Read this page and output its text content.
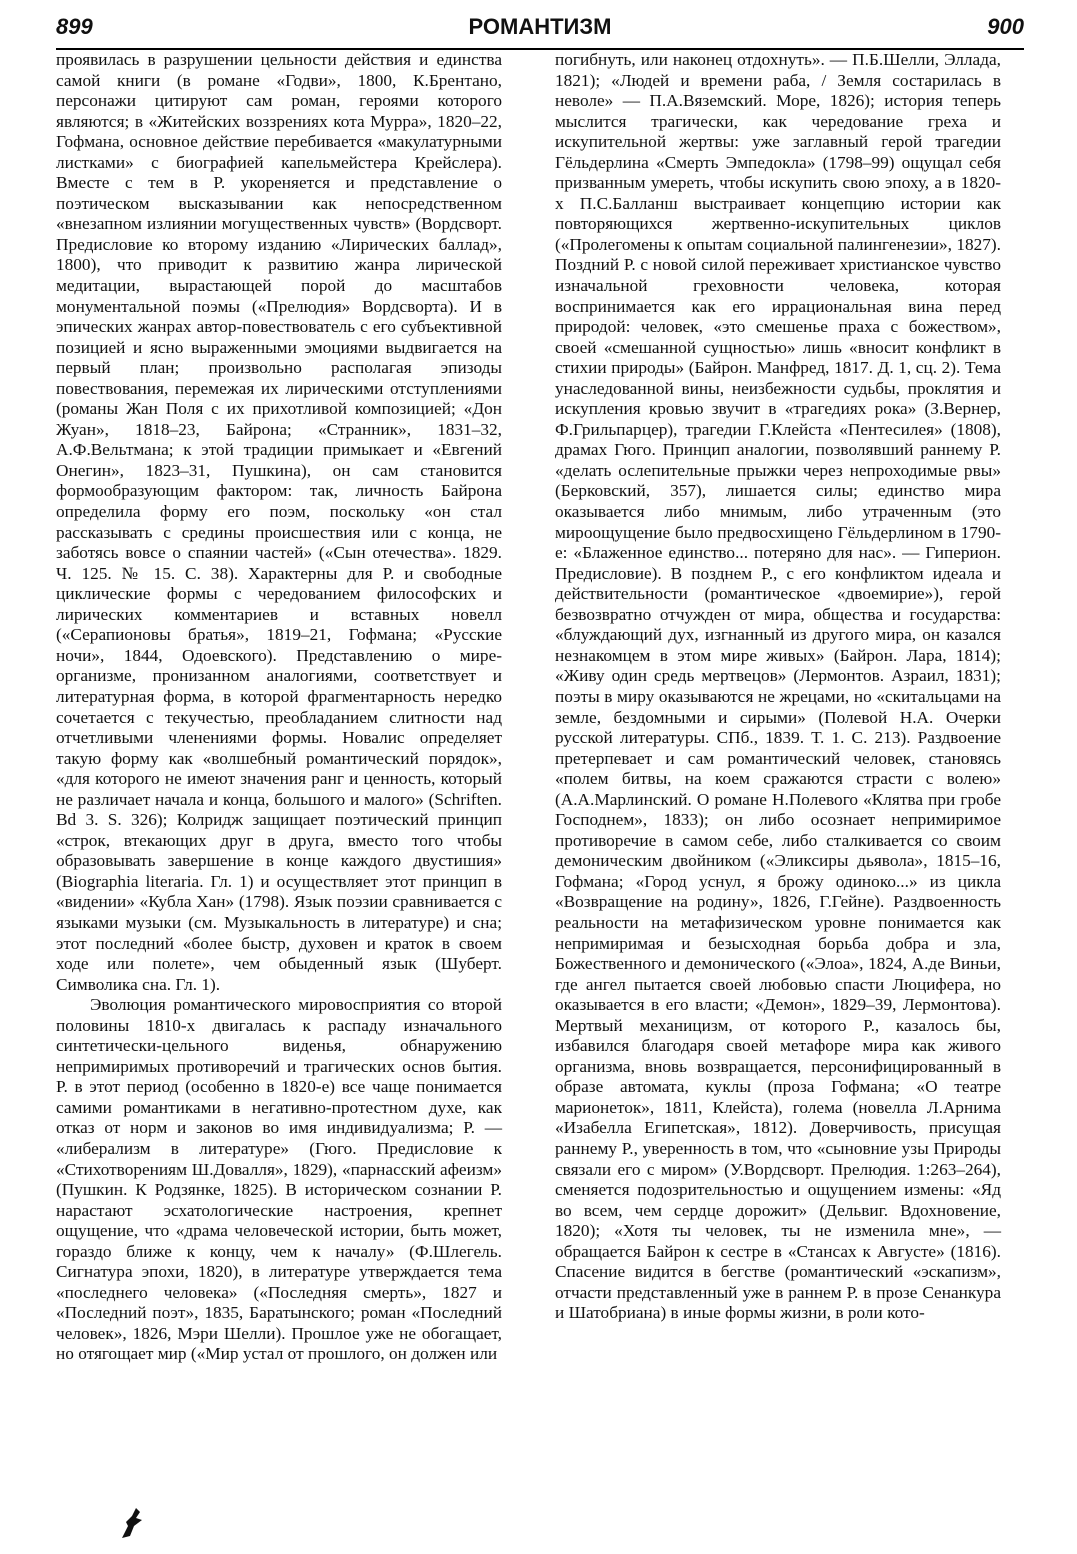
899	РОМАНТИЗМ	900

проявилась в разрушении цельности действия и единства самой книги (в романе «Годви», 1800, К.Брентано, персонажи цитируют сам роман, героями которого являются; в «Житейских воззрениях кота Мурра», 1820–22, Гофмана, основное действие перебивается «макулатурными листками» с биографией капельмейстера Крейслера). Вместе с тем в Р. укореняется и представление о поэтическом высказывании как непосредственном «внезапном излиянии могущественных чувств» (Вордсворт. Предисловие ко второму изданию «Лирических баллад», 1800), что приводит к развитию жанра лирической медитации, вырастающей порой до масштабов монументальной поэмы («Прелюдия» Вордсворта). И в эпических жанрах автор-повествователь с его субъективной позицией и ясно выраженными эмоциями выдвигается на первый план; произвольно располагая эпизоды повествования, перемежая их лирическими отступлениями (романы Жан Поля с их прихотливой композицией; «Дон Жуан», 1818–23, Байрона; «Странник», 1831–32, А.Ф.Вельтмана; к этой традиции примыкает и «Евгений Онегин», 1823–31, Пушкина), он сам становится формообразующим фактором: так, личность Байрона определила форму его поэм, поскольку «он стал рассказывать с средины происшествия или с конца, не заботясь вовсе о спаянии частей» («Сын отечества». 1829. Ч. 125. № 15. С. 38). Характерны для Р. и свободные циклические формы с чередованием философских и лирических комментариев и вставных новелл («Серапионовы братья», 1819–21, Гофмана; «Русские ночи», 1844, Одоевского). Представлению о мире-организме, пронизанном аналогиями, соответствует и литературная форма, в которой фрагментарность нередко сочетается с текучестью, преобладанием слитности над отчетливыми членениями формы. Новалис определяет такую форму как «волшебный романтический порядок», «для которого не имеют значения ранг и ценность, который не различает начала и конца, большого и малого» (Schriften. Bd 3. S. 326); Колридж защищает поэтический принцип «строк, втекающих друг в друга, вместо того чтобы образовывать завершение в конце каждого двустишия» (Biographia literaria. Гл. 1) и осуществляет этот принцип в «видении» «Кубла Хан» (1798). Язык поэзии сравнивается с языками музыки (см. Музыкальность в литературе) и сна; этот последний «более быстр, духовен и краток в своем ходе или полете», чем обыденный язык (Шуберт. Символика сна. Гл. 1).

Эволюция романтического мировосприятия со второй половины 1810-х двигалась к распаду изначального синтетически-цельного виденья, обнаружению непримиримых противоречий и трагических основ бытия. Р. в этот период (особенно в 1820-е) все чаще понимается самими романтиками в негативно-протестном духе, как отказ от норм и законов во имя индивидуализма; Р. — «либерализм в литературе» (Гюго. Предисловие к «Стихотворениям Ш.Довалля», 1829), «парнасский афеизм» (Пушкин. К Родзянке, 1825). В историческом сознании Р. нарастают эсхатологические настроения, крепнет ощущение, что «драма человеческой истории, быть может, гораздо ближе к концу, чем к началу» (Ф.Шлегель. Сигнатура эпохи, 1820), в литературе утверждается тема «последнего человека» («Последняя смерть», 1827 и «Последний поэт», 1835, Баратынского; роман «Последний человек», 1826, Мэри Шелли). Прошлое уже не обогащает, но отягощает мир («Мир устал от прошлого, он должен или

погибнуть, или наконец отдохнуть». — П.Б.Шелли, Эллада, 1821); «Людей и времени раба, / Земля состарилась в неволе» — П.А.Вяземский. Море, 1826); история теперь мыслится трагически, как чередование греха и искупительной жертвы: уже заглавный герой трагедии Гёльдерлина «Смерть Эмпедокла» (1798–99) ощущал себя призванным умереть, чтобы искупить свою эпоху, а в 1820-х П.С.Балланш выстраивает концепцию истории как повторяющихся жертвенно-искупительных циклов («Пролегомены к опытам социальной палингенезии», 1827). Поздний Р. с новой силой переживает христианское чувство изначальной греховности человека, которая воспринимается как его иррациональная вина перед природой: человек, «это смешенье праха с божеством», своей «смешанной сущностью» лишь «вносит конфликт в стихии природы» (Байрон. Манфред, 1817. Д. 1, сц. 2). Тема унаследованной вины, неизбежности судьбы, проклятия и искупления кровью звучит в «трагедиях рока» (З.Вернер, Ф.Грильпарцер), трагедии Г.Клейста «Пентесилея» (1808), драмах Гюго. Принцип аналогии, позволявший раннему Р. «делать ослепительные прыжки через непроходимые рвы» (Берковский, 357), лишается силы; единство мира оказывается либо мнимым, либо утраченным (это мироощущение было предвосхищено Гёльдерлином в 1790-е: «Блаженное единство... потеряно для нас». — Гиперион. Предисловие). В позднем Р., с его конфликтом идеала и действительности (романтическое «двоемирие»), герой безвозвратно отчужден от мира, общества и государства: «блуждающий дух, изгнанный из другого мира, он казался незнакомцем в этом мире живых» (Байрон. Лара, 1814); «Живу один средь мертвецов» (Лермонтов. Азраил, 1831); поэты в миру оказываются не жрецами, но «скитальцами на земле, бездомными и сирыми» (Полевой Н.А. Очерки русской литературы. СПб., 1839. Т. 1. С. 213). Раздвоение претерпевает и сам романтический человек, становясь «полем битвы, на коем сражаются страсти с волею» (А.А.Марлинский. О романе Н.Полевого «Клятва при гробе Господнем», 1833); он либо осознает непримиримое противоречие в самом себе, либо сталкивается со своим демоническим двойником («Эликсиры дьявола», 1815–16, Гофмана; «Город уснул, я брожу одиноко...» из цикла «Возвращение на родину», 1826, Г.Гейне). Раздвоенность реальности на метафизическом уровне понимается как непримиримая и безысходная борьба добра и зла, Божественного и демонического («Элоа», 1824, А.де Виньи, где ангел пытается своей любовью спасти Люцифера, но оказывается в его власти; «Демон», 1829–39, Лермонтова). Мертвый механицизм, от которого Р., казалось бы, избавился благодаря своей метафоре мира как живого организма, вновь возвращается, персонифицированный в образе автомата, куклы (проза Гофмана; «О театре марионеток», 1811, Клейста), голема (новелла Л.Арнима «Изабелла Египетская», 1812). Доверчивость, присущая раннему Р., уверенность в том, что «сыновние узы Природы связали его с миром» (У.Вордсворт. Прелюдия. 1:263–264), сменяется подозрительностью и ощущением измены: «Яд во всем, чем сердце дорожит» (Дельвиг. Вдохновение, 1820); «Хотя ты человек, ты не изменила мне», — обращается Байрон к сестре в «Стансах к Августе» (1816). Спасение видится в бегстве (романтический «эскапизм», отчасти представленный уже в раннем Р. в прозе Сенанкура и Шатобриана) в иные формы жизни, в роли кото-
